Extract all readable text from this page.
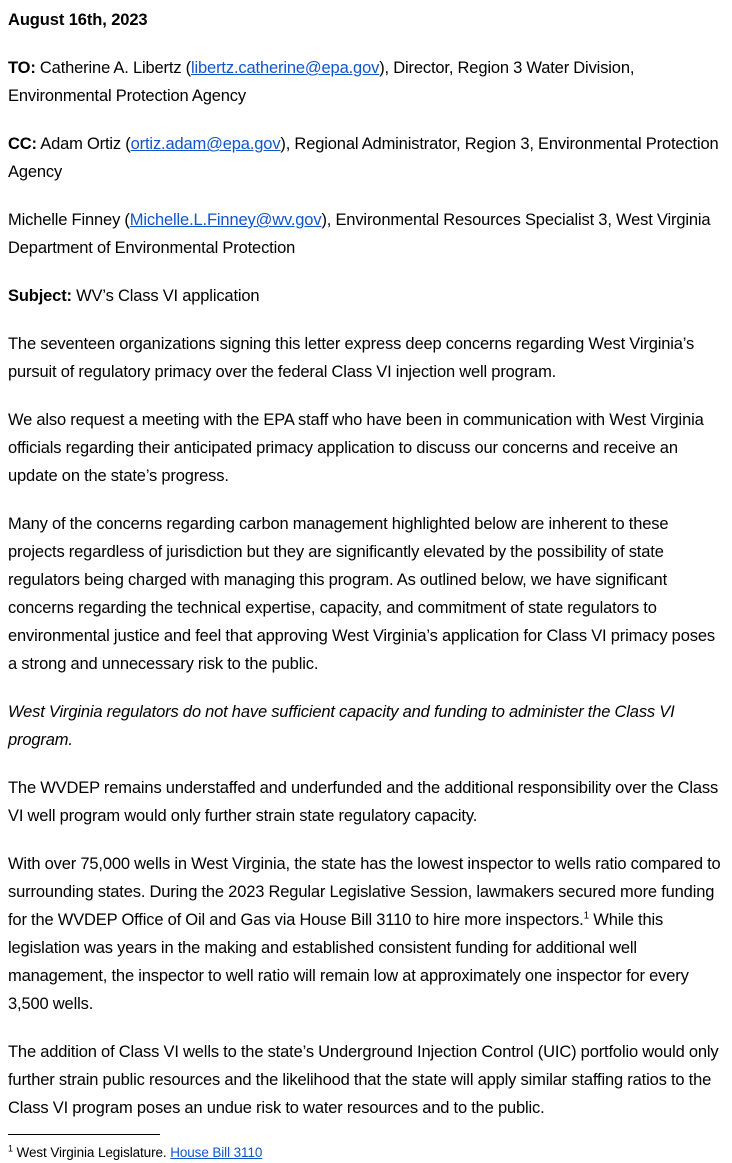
August 16th, 2023

TO: Catherine A. Libertz (libertz.catherine@epa.gov), Director, Region 3 Water Division, Environmental Protection Agency

CC: Adam Ortiz (ortiz.adam@epa.gov), Regional Administrator, Region 3, Environmental Protection Agency

Michelle Finney (Michelle.L.Finney@wv.gov), Environmental Resources Specialist 3, West Virginia Department of Environmental Protection

Subject: WV’s Class VI application

The seventeen organizations signing this letter express deep concerns regarding West Virginia’s pursuit of regulatory primacy over the federal Class VI injection well program.

We also request a meeting with the EPA staff who have been in communication with West Virginia officials regarding their anticipated primacy application to discuss our concerns and receive an update on the state’s progress.

Many of the concerns regarding carbon management highlighted below are inherent to these projects regardless of jurisdiction but they are significantly elevated by the possibility of state regulators being charged with managing this program. As outlined below, we have significant concerns regarding the technical expertise, capacity, and commitment of state regulators to environmental justice and feel that approving West Virginia’s application for Class VI primacy poses a strong and unnecessary risk to the public.

West Virginia regulators do not have sufficient capacity and funding to administer the Class VI program.

The WVDEP remains understaffed and underfunded and the additional responsibility over the Class VI well program would only further strain state regulatory capacity.

With over 75,000 wells in West Virginia, the state has the lowest inspector to wells ratio compared to surrounding states. During the 2023 Regular Legislative Session, lawmakers secured more funding for the WVDEP Office of Oil and Gas via House Bill 3110 to hire more inspectors.$^1$ While this legislation was years in the making and established consistent funding for additional well management, the inspector to well ratio will remain low at approximately one inspector for every 3,500 wells.

The addition of Class VI wells to the state’s Underground Injection Control (UIC) portfolio would only further strain public resources and the likelihood that the state will apply similar staffing ratios to the Class VI program poses an undue risk to water resources and to the public.

$^1$ West Virginia Legislature. House Bill 3110
